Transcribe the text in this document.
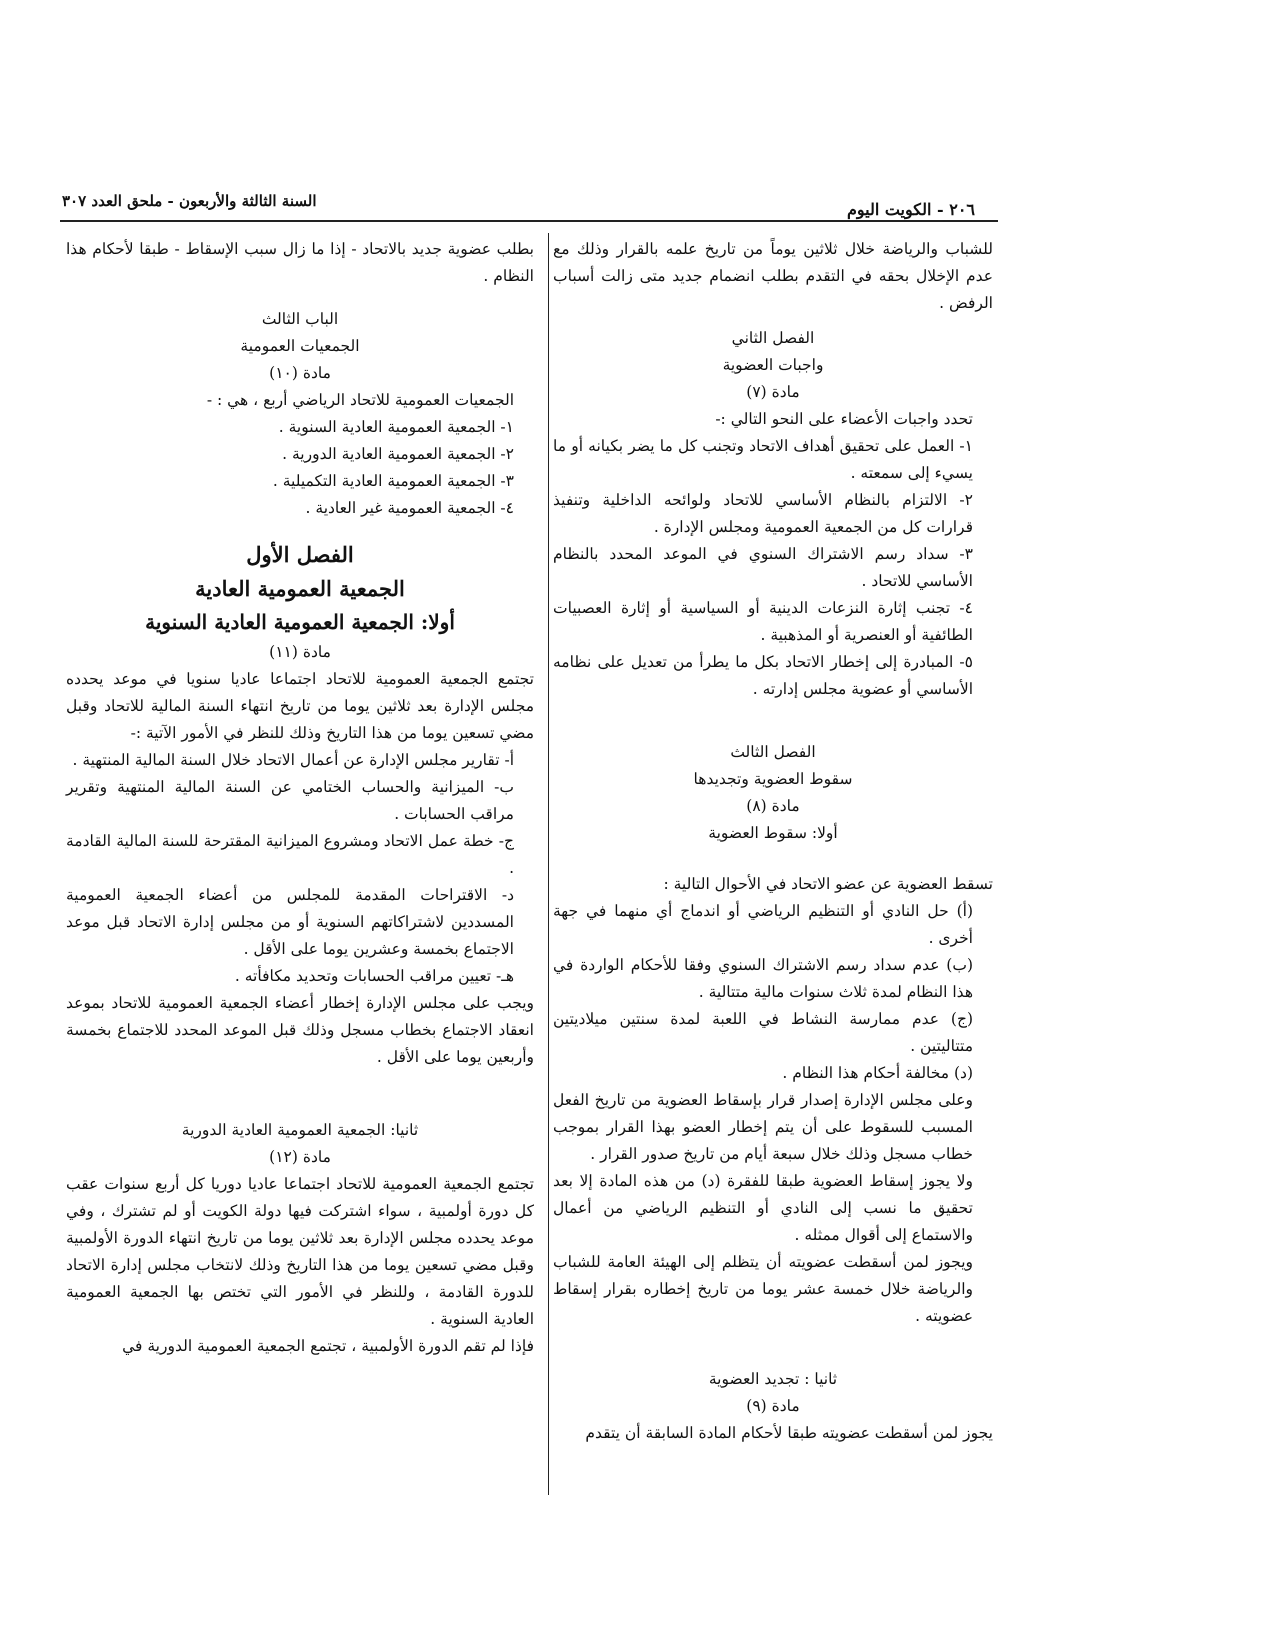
السنة الثالثة والأربعون - ملحق العدد ٣٠٧	٢٠٦ - الكويت اليوم

للشباب والرياضة خلال ثلاثين يوماً من تاريخ علمه بالقرار وذلك مع عدم الإخلال بحقه في التقدم بطلب انضمام جديد متى زالت أسباب الرفض .

الفصل الثاني

واجبات العضوية

مادة (٧)

تحدد واجبات الأعضاء على النحو التالي :-

١- العمل على تحقيق أهداف الاتحاد وتجنب كل ما يضر بكيانه أو ما يسيء إلى سمعته .

٢- الالتزام بالنظام الأساسي للاتحاد ولوائحه الداخلية وتنفيذ قرارات كل من الجمعية العمومية ومجلس الإدارة .

٣- سداد رسم الاشتراك السنوي في الموعد المحدد بالنظام الأساسي للاتحاد .

٤- تجنب إثارة النزعات الدينية أو السياسية أو إثارة العصبيات الطائفية أو العنصرية أو المذهبية .

٥- المبادرة إلى إخطار الاتحاد بكل ما يطرأ من تعديل على نظامه الأساسي أو عضوية مجلس إدارته .

الفصل الثالث

سقوط العضوية وتجديدها

مادة (٨)

أولا: سقوط العضوية

تسقط العضوية عن عضو الاتحاد في الأحوال التالية :

(أ) حل النادي أو التنظيم الرياضي أو اندماج أي منهما في جهة أخرى .

(ب) عدم سداد رسم الاشتراك السنوي وفقا للأحكام الواردة في هذا النظام لمدة ثلاث سنوات مالية متتالية .

(ج) عدم ممارسة النشاط في اللعبة لمدة سنتين ميلاديتين متتاليتين .

(د) مخالفة أحكام هذا النظام .

وعلى مجلس الإدارة إصدار قرار بإسقاط العضوية من تاريخ الفعل المسبب للسقوط على أن يتم إخطار العضو بهذا القرار بموجب خطاب مسجل وذلك خلال سبعة أيام من تاريخ صدور القرار .

ولا يجوز إسقاط العضوية طبقا للفقرة (د) من هذه المادة إلا بعد تحقيق ما نسب إلى النادي أو التنظيم الرياضي من أعمال والاستماع إلى أقوال ممثله .

ويجوز لمن أسقطت عضويته أن يتظلم إلى الهيئة العامة للشباب والرياضة خلال خمسة عشر يوما من تاريخ إخطاره بقرار إسقاط عضويته .

ثانيا : تجديد العضوية

مادة (٩)

يجوز لمن أسقطت عضويته طبقا لأحكام المادة السابقة أن يتقدم

بطلب عضوية جديد بالاتحاد - إذا ما زال سبب الإسقاط - طبقا لأحكام هذا النظام .

الباب الثالث

الجمعيات العمومية

مادة (١٠)

الجمعيات العمومية للاتحاد الرياضي أربع ، هي : -

١- الجمعية العمومية العادية السنوية .

٢- الجمعية العمومية العادية الدورية .

٣- الجمعية العمومية العادية التكميلية .

٤- الجمعية العمومية غير العادية .

الفصل الأول

الجمعية العمومية العادية

أولا: الجمعية العمومية العادية السنوية

مادة (١١)

تجتمع الجمعية العمومية للاتحاد اجتماعا عاديا سنويا في موعد يحدده مجلس الإدارة بعد ثلاثين يوما من تاريخ انتهاء السنة المالية للاتحاد وقبل مضي تسعين يوما من هذا التاريخ وذلك للنظر في الأمور الآتية :-

أ- تقارير مجلس الإدارة عن أعمال الاتحاد خلال السنة المالية المنتهية .

ب- الميزانية والحساب الختامي عن السنة المالية المنتهية وتقرير مراقب الحسابات .

ج- خطة عمل الاتحاد ومشروع الميزانية المقترحة للسنة المالية القادمة .

د- الاقتراحات المقدمة للمجلس من أعضاء الجمعية العمومية المسددين لاشتراكاتهم السنوية أو من مجلس إدارة الاتحاد قبل موعد الاجتماع بخمسة وعشرين يوما على الأقل .

هـ- تعيين مراقب الحسابات وتحديد مكافأته .

ويجب على مجلس الإدارة إخطار أعضاء الجمعية العمومية للاتحاد بموعد انعقاد الاجتماع بخطاب مسجل وذلك قبل الموعد المحدد للاجتماع بخمسة وأربعين يوما على الأقل .

ثانيا: الجمعية العمومية العادية الدورية

مادة (١٢)

تجتمع الجمعية العمومية للاتحاد اجتماعا عاديا دوريا كل أربع سنوات عقب كل دورة أولمبية ، سواء اشتركت فيها دولة الكويت أو لم تشترك ، وفي موعد يحدده مجلس الإدارة بعد ثلاثين يوما من تاريخ انتهاء الدورة الأولمبية وقبل مضي تسعين يوما من هذا التاريخ وذلك لانتخاب مجلس إدارة الاتحاد للدورة القادمة ، وللنظر في الأمور التي تختص بها الجمعية العمومية العادية السنوية .

فإذا لم تقم الدورة الأولمبية ، تجتمع الجمعية العمومية الدورية في
